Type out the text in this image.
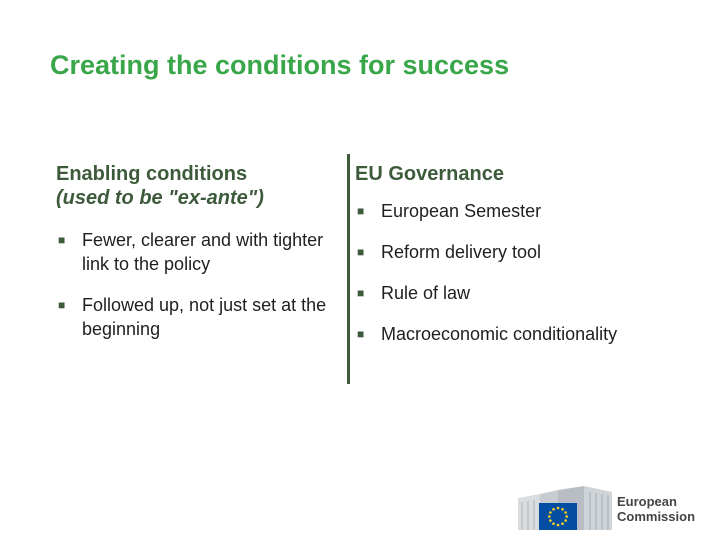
Creating the conditions for success
Enabling conditions
(used to be "ex-ante")
■ Fewer, clearer and with tighter link to the policy
■ Followed up, not just set at the beginning
EU Governance
■ European Semester
■ Reform delivery tool
■ Rule of law
■ Macroeconomic conditionality
European
Commission
